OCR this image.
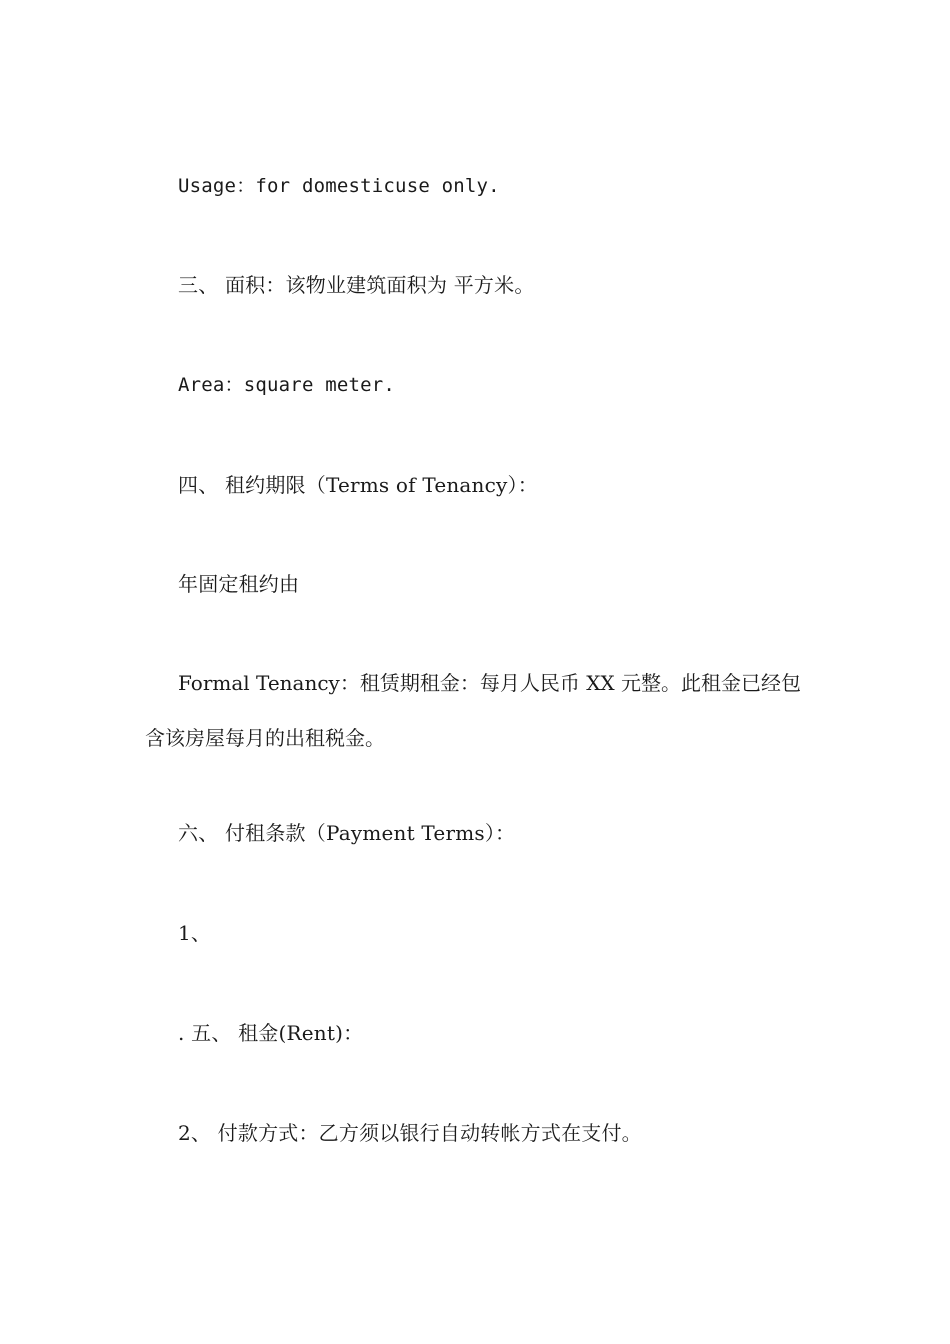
Usage：for domesticuse only.
三、 面积：该物业建筑面积为 平方米。
Area：square meter.
四、 租约期限（Terms of Tenancy）：
年固定租约由
Formal Tenancy：租赁期租金：每月人民币 XX 元整。此租金已经包含该房屋每月的出租税金。
六、 付租条款（Payment Terms）：
1、
. 五、 租金(Rent)：
2、 付款方式：乙方须以银行自动转帐方式在支付。
